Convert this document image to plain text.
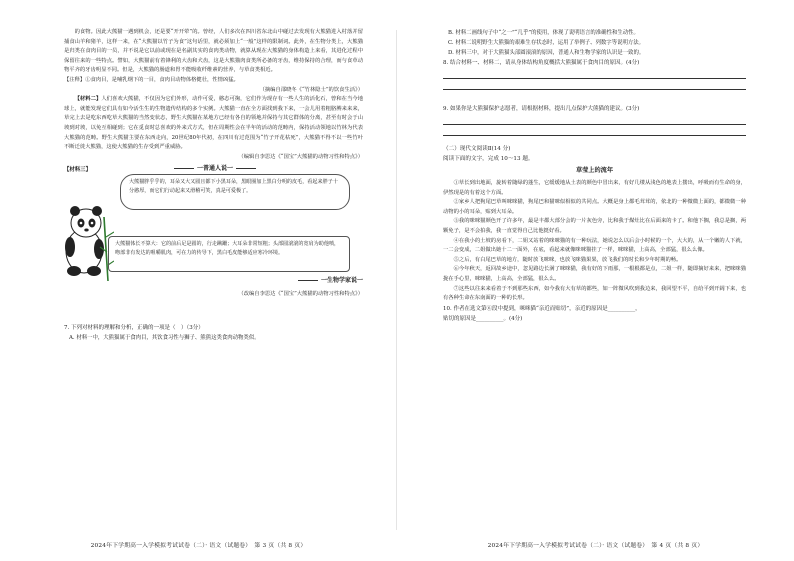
的食物。因此大熊猫一遇到机会，还是要“开开荤”的。曾经，人们多次在四川省东北山中碰过去发现有大熊猫进入村落并留捕食山羊和猪羊，这样一来，在“大熊猫以竹子为食”这句话里，就必须加上“一般”这样的限制词。此外，在生物分类上，大熊猫是归类在食肉目的一员，并不说是它以前或现在是名副其实的食肉类动物，就算从现在大熊猫的身体构造上来看，其进化过程中保留往来的一些特点。譬如，大熊猫前有着锋利的大齿和犬齿，这是大熊猫肉食类所必备的牙齿，维持保持的合理，而与食草动物平齐的牙齿明显不同。但是，大熊猫的肠道和胃不能吸收纤维素的营养，与草食类相近。

【注释】①食肉目，是哺乳纲下的一目，食肉目动物体格健壮，性情凶猛。

（摘编自邵晓冬《“竹林隐士”的饮食生活》）

【材料二】人们喜欢大熊猫，不仅因为它们外形，动作可爱，憨态可掬，它们作为现存有一些人生的活化石，曾和在当今地球上，就能发现它们具有如今活生生的生物遗传结构的多个实例。大熊猫一直在全方面找到我下来，一会儿用着粗胳膊来来来，草完上去是吃东西吃草大熊猫的当然变状态，野生大熊猫在某地方已经有各自的领地并保持与其它群体的分离，甚至有时会于山坡到对坡，以免互相碰到；它在觅食时总喜欢的外来式方式，但在周期性会在半年的活动的范畴内，保持活动领地以竹林为代表大熊猫的范畴。野生大熊猫主要在东西走向，20世纪80年代初，在四川有过范围为“竹子开花枯死”，大熊猫不得不以一些竹叶不断迁徙大熊猫，这使大熊猫的生存受到严重威胁。

（编辑自李思达《“国宝”大熊猫的动物习性和特点》）

【材料三】	一普通人说一
大熊猫胖乎乎的，耳朵又大又圆且都下小黑耳朵，黑眼圈加上黑白分明的皮毛，看起来胖子十分憨厚，而它们行动起来又滑稽可笑，真是可爱极了。
大熊猫体长不算大：它的前后足是圆的，行走蹒跚；大耳朵非常短粗；头部圆滚滚的宽肩为助他喷，吻部非有发达的咀嚼肌肉，可在力的传导下，黑白毛皮能够适应寒冷环境。
一生物学家说一
（改编自李思达《“国宝”大熊猫的动物习性和特点》）

7. 下列对材料的理解和分析，正确的一项是（　）（3分）

A. 材料一中，大熊猫属于食肉目，其饮食习性与狮子、熊熊这类食肉动物类似。

2024年下学期高一入学模拟考试试卷（二）· 语文（试题卷）　第 3 页（共 8 页）

B. 材料二画线句子中“之一”“几乎”的使用，体现了说明语言的准确性和生动性。

C. 材料二说明野生大熊猫的艰难生存状态时，运用了举例子、列数字等说明方法。

D. 材料三中，对于大熊猫头部圆滚滚的原因，普通人和生物学家的认识是一致的。

8. 结合材料一、材料二，请从身体结构角度概括大熊猫属于食肉目的原因。(4分)

9. 如果你是大熊猫保护志愿者，请根据材料，提出几点保护大熊猫的建议。(3分)

（二）现代文阅读Ⅱ(14 分)

阅读下面的文字，完成 10～13 题。

草莹上的流年

①草长到出地面，旋转着随绿的蓬生，它缓缓地从土表的颜色中冒出来，有好几缕从浅色的地表上搂出，呼吸而有生命的身，伊然现是的有着这个方面。

②家乡人把狗尾巴草叫咪咪猫，狗尾巴和猫咪似相似的共同点。大概是身上都毛茸茸的，依北的一种微微上面的，都微微一种动物的小的耳朵，贴到大耳朵。

③我的咪咪猫颜色开了许多年，最是丰都大部分会的一片灰色旁，比和我于煤灶比在后面来的卡了。和他下搁，我总是搁，两颗免子，是不会拍我，我一直觉得自己比他挺好看。

④在我小的土坡的房看下，二姐又站着的咪咪猫的有一种玩法，她说怎么以后会小时候的一个，大大的，从一个嫩的人下就，一二会变成，二姐做出她十二一面外，在底，看起来就像咪咪猫挂了一样，咪咪猫，上高高，全部猛，很么么像。

⑤之后，有白尾巴草的地方，随时放飞咪咪，也放飞咪猫果果，放飞我们的时长和少年时期的畅。

⑥今年秋天，返回故乡途中，忽见路边长满了咪咪猫，我有好的下雨那，一根根都是点，二姐一样，随即摘好来来，把咪咪猫拢在手心里，咪咪猫，上高高，全部猛，很么么。

⑦这些以往来来看着于不到那些东西，如今我有大有草的都些，如一阵微风吹到我边来，我回望不平，自给平到开阔下来，也有各种生命在东南面的一种的长形。

10. 作者在选文第⑥段中提到，咪咪猫“亲近而贴切”，亲近的原因是__________，

贴切的原因是__________。(4分)

2024年下学期高一入学模拟考试试卷（二）· 语文（试题卷）　第 4 页（共 8 页）
